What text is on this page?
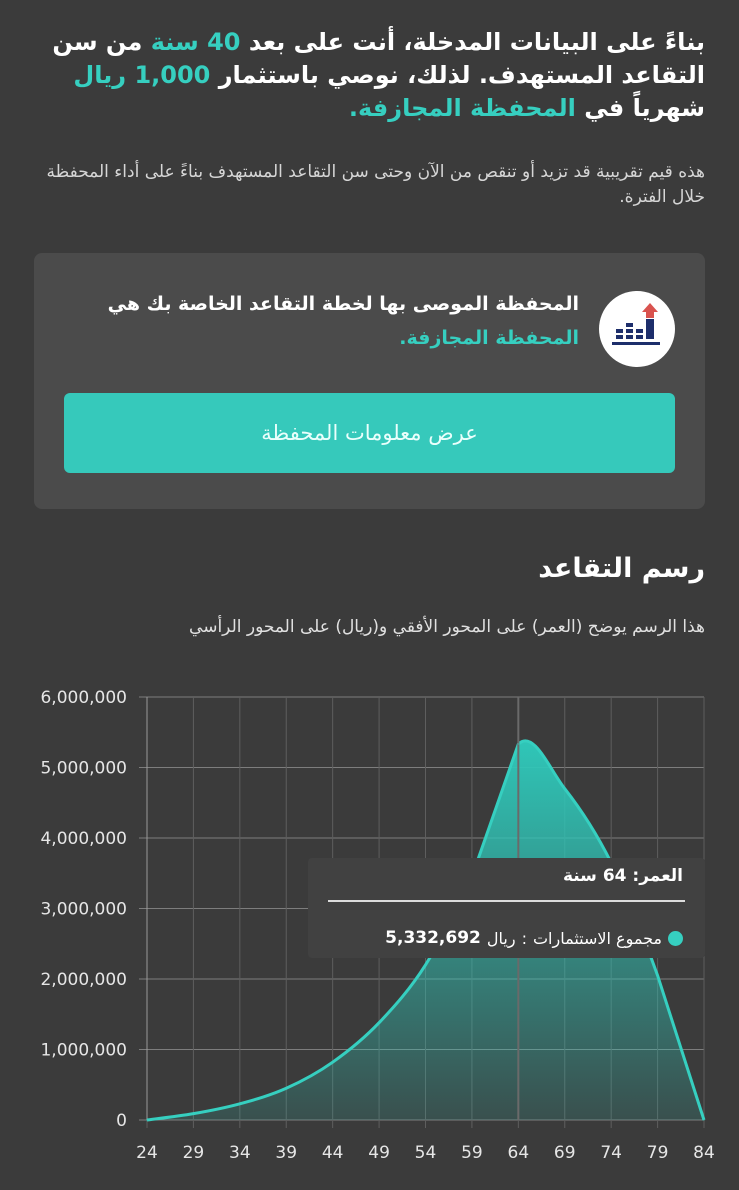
بناءً على البيانات المدخلة، أنت على بعد 40 سنة من سن التقاعد المستهدف. لذلك، نوصي باستثمار 1,000 ريال شهرياً في المحفظة المجازفة.
هذه قيم تقريبية قد تزيد أو تنقص من الآن وحتى سن التقاعد المستهدف بناءً على أداء المحفظة خلال الفترة.
المحفظة الموصى بها لخطة التقاعد الخاصة بك هي
المحفظة المجازفة.
عرض معلومات المحفظة
رسم التقاعد
هذا الرسم يوضح (العمر) على المحور الأفقي و(ريال) على المحور الرأسي
0
1,000,000
2,000,000
3,000,000
4,000,000
5,000,000
6,000,000
24 29 34 39 44 49 54 59 64 69 74 79 84
العمر: 64 سنة
مجموع الاستثمارات
:
ريال
5,332,692
